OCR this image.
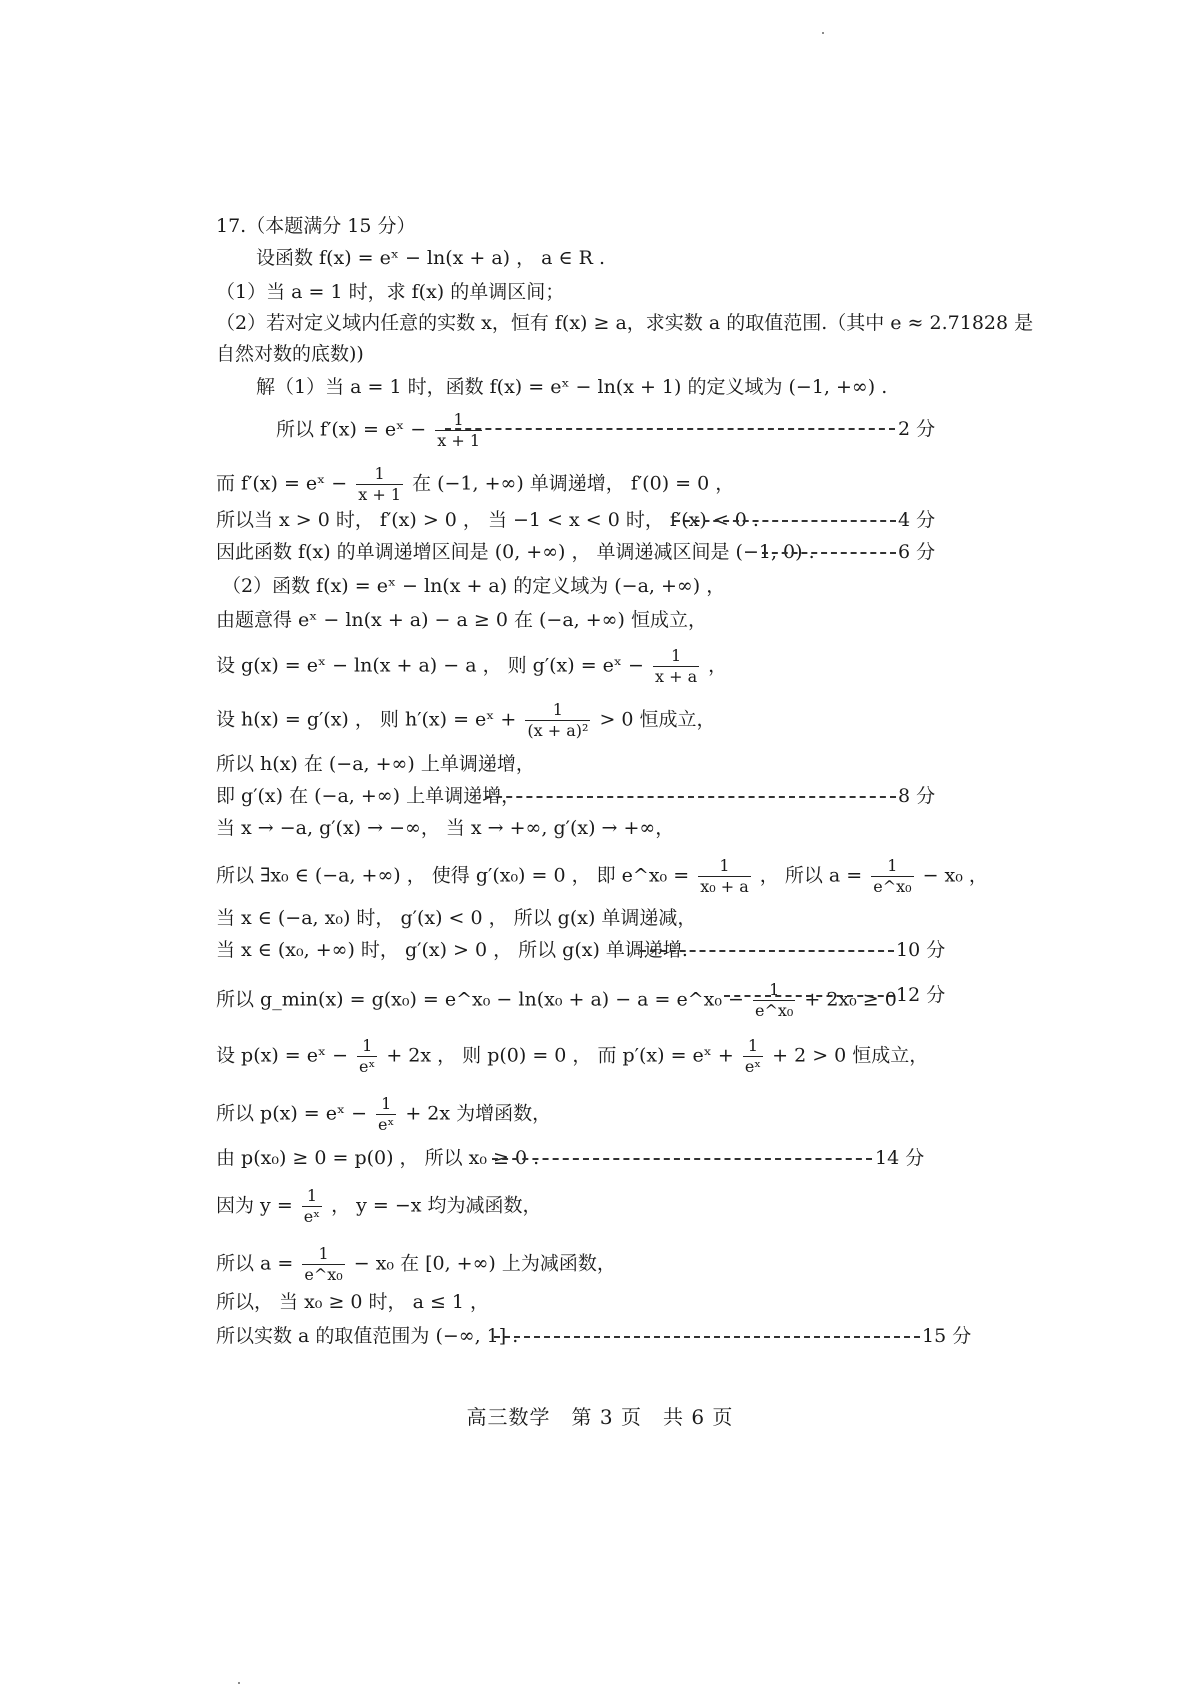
17.（本题满分 15 分）
设函数 f(x) = eˣ − ln(x + a) ， a ∈ R .
（1）当 a = 1 时，求 f(x) 的单调区间；
（2）若对定义域内任意的实数 x，恒有 f(x) ≥ a，求实数 a 的取值范围.（其中 e ≈ 2.71828 是
自然对数的底数))
解（1）当 a = 1 时，函数 f(x) = eˣ − ln(x + 1) 的定义域为 (−1, +∞) .
所以 f′(x) = eˣ − $\frac{1}{x + 1}$	2 分
而 f′(x) = eˣ − $\frac{1}{x + 1}$ 在 (−1, +∞) 单调递增， f′(0) = 0 ，
所以当 x > 0 时， f′(x) > 0 ， 当 −1 < x < 0 时， f′(x) < 0 .	4 分
因此函数 f(x) 的单调递增区间是 (0, +∞) ， 单调递减区间是 (−1, 0) .	6 分
（2）函数 f(x) = eˣ − ln(x + a) 的定义域为 (−a, +∞) ，
由题意得 eˣ − ln(x + a) − a ≥ 0 在 (−a, +∞) 恒成立，
设 g(x) = eˣ − ln(x + a) − a ， 则 g′(x) = eˣ − $\frac{1}{x + a}$ ，
设 h(x) = g′(x) ， 则 h′(x) = eˣ + $\frac{1}{\text{(x + a)²}} > 0$ 恒成立，
所以 h(x) 在 (−a, +∞) 上单调递增，
即 g′(x) 在 (−a, +∞) 上单调递增，	8 分
当 x → −a, g′(x) → −∞， 当 x → +∞, g′(x) → +∞，
所以 ∃x₀ ∈ (−a, +∞) ， 使得 g′(x₀) = 0 ， 即 e^x₀ = $\frac{1}{\text{x₀ + a}}$ ， 所以 $a = \frac{1}{\text{e\textasciicircum{}x₀}} - x_0$ ，
当 x ∈ (−a, x₀) 时， g′(x) < 0 ， 所以 g(x) 单调递减，
当 x ∈ (x₀, +∞) 时， g′(x) > 0 ， 所以 g(x) 单调递增.	10 分
所以 g_min(x) = g(x₀) = e^x₀ − ln(x₀ + a) − a = e^x₀ − $\frac{1}{\text{e\textasciicircum{}x₀}} + 2x_0 \ge 0$ 12 分
设 p(x) = eˣ − $\frac{1}{\text{eˣ}} + 2x$ ， 则 p(0) = 0 ， 而 p′(x) = eˣ + $\frac{1}{\text{eˣ}} + 2 > 0$ 恒成立，
所以 p(x) = eˣ − $\frac{1}{\text{eˣ}} + 2x$ 为增函数，
由 p(x₀) ≥ 0 = p(0) ， 所以 x₀ ≥ 0 .	14 分
因为 $y = \frac{1}{\text{eˣ}}$ ， y = −x 均为减函数，
所以 $a = \frac{1}{\text{e\textasciicircum{}x₀}} - x_0$ 在 [0, +∞) 上为减函数，
所以， 当 x₀ ≥ 0 时， a ≤ 1 ，
所以实数 a 的取值范围为 (−∞, 1] .	15 分
高三数学　第 3 页　共 6 页
